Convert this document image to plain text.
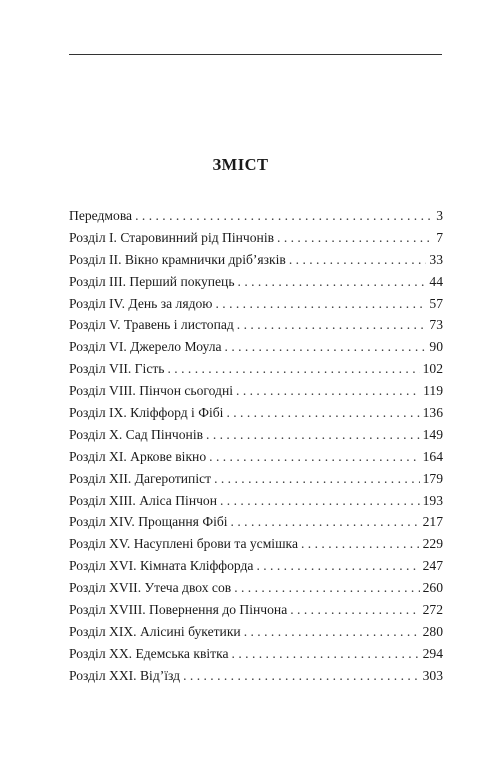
ЗМІСТ
Передмова . . .	3
Розділ І. Старовинний рід Пінчонів . . .	7
Розділ ІІ. Вікно крамнички дріб’язків . . .	33
Розділ ІІІ. Перший покупець . . .	44
Розділ IV. День за лядою . . .	57
Розділ V. Травень і листопад . . .	73
Розділ VI. Джерело Моула . . .	90
Розділ VII. Гість . . .	102
Розділ VIII. Пінчон сьогодні . . .	119
Розділ IX. Кліффорд і Фібі . . .	136
Розділ X. Сад Пінчонів . . .	149
Розділ XI. Аркове вікно . . .	164
Розділ XII. Дагеротипіст . . .	179
Розділ XIII. Аліса Пінчон . . .	193
Розділ XIV. Прощання Фібі . . .	217
Розділ XV. Насуплені брови та усмішка . . .	229
Розділ XVI. Кімната Кліффорда . . .	247
Розділ XVII. Утеча двох сов . . .	260
Розділ XVIII. Повернення до Пінчона . . .	272
Розділ XIX. Алісині букетики . . .	280
Розділ XX. Едемська квітка . . .	294
Розділ XXI. Від’їзд . . .	303
